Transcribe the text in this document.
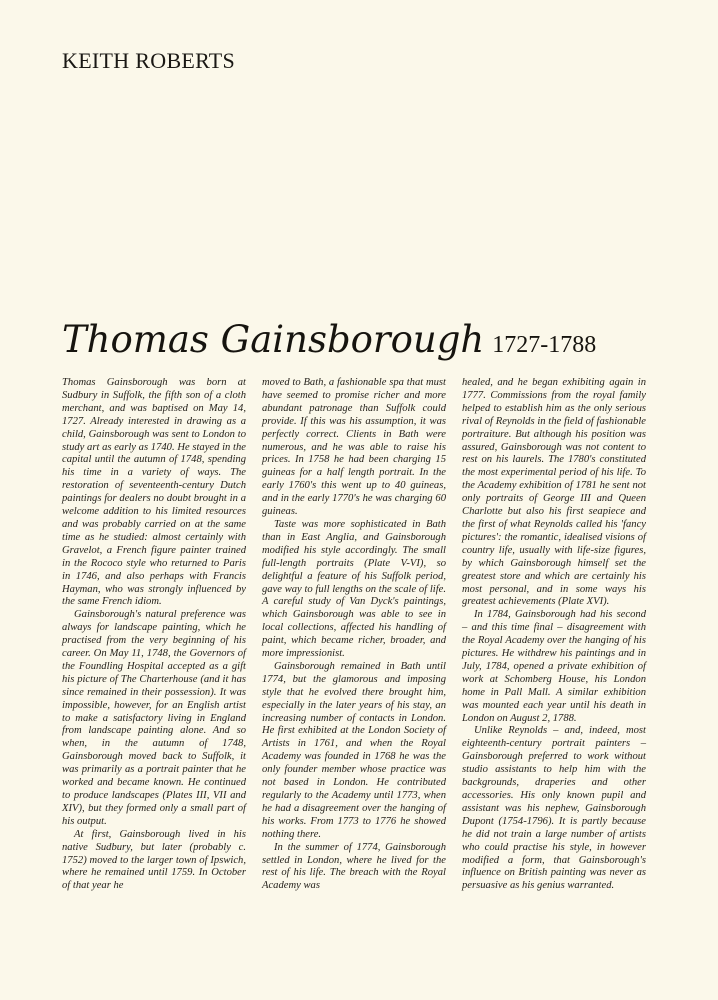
KEITH ROBERTS
Thomas Gainsborough 1727-1788

Thomas Gainsborough was born at Sudbury in Suffolk, the fifth son of a cloth merchant, and was baptised on May 14, 1727. Already interested in drawing as a child, Gainsborough was sent to London to study art as early as 1740. He stayed in the capital until the autumn of 1748, spending his time in a variety of ways. The restoration of seventeenth-century Dutch paintings for dealers no doubt brought in a welcome addition to his limited resources and was probably carried on at the same time as he studied: almost certainly with Gravelot, a French figure painter trained in the Rococo style who returned to Paris in 1746, and also perhaps with Francis Hayman, who was strongly influenced by the same French idiom.

Gainsborough's natural preference was always for landscape painting, which he practised from the very beginning of his career. On May 11, 1748, the Governors of the Foundling Hospital accepted as a gift his picture of The Charterhouse (and it has since remained in their possession). It was impossible, however, for an English artist to make a satisfactory living in England from landscape painting alone. And so when, in the autumn of 1748, Gainsborough moved back to Suffolk, it was primarily as a portrait painter that he worked and became known. He continued to produce landscapes (Plates III, VII and XIV), but they formed only a small part of his output.

At first, Gainsborough lived in his native Sudbury, but later (probably c. 1752) moved to the larger town of Ipswich, where he remained until 1759. In October of that year he

moved to Bath, a fashionable spa that must have seemed to promise richer and more abundant patronage than Suffolk could provide. If this was his assumption, it was perfectly correct. Clients in Bath were numerous, and he was able to raise his prices. In 1758 he had been charging 15 guineas for a half length portrait. In the early 1760's this went up to 40 guineas, and in the early 1770's he was charging 60 guineas.

Taste was more sophisticated in Bath than in East Anglia, and Gainsborough modified his style accordingly. The small full-length portraits (Plate V-VI), so delightful a feature of his Suffolk period, gave way to full lengths on the scale of life. A careful study of Van Dyck's paintings, which Gainsborough was able to see in local collections, affected his handling of paint, which became richer, broader, and more impressionist.

Gainsborough remained in Bath until 1774, but the glamorous and imposing style that he evolved there brought him, especially in the later years of his stay, an increasing number of contacts in London. He first exhibited at the London Society of Artists in 1761, and when the Royal Academy was founded in 1768 he was the only founder member whose practice was not based in London. He contributed regularly to the Academy until 1773, when he had a disagreement over the hanging of his works. From 1773 to 1776 he showed nothing there.

In the summer of 1774, Gainsborough settled in London, where he lived for the rest of his life. The breach with the Royal Academy was

healed, and he began exhibiting again in 1777. Commissions from the royal family helped to establish him as the only serious rival of Reynolds in the field of fashionable portraiture. But although his position was assured, Gainsborough was not content to rest on his laurels. The 1780's constituted the most experimental period of his life. To the Academy exhibition of 1781 he sent not only portraits of George III and Queen Charlotte but also his first seapiece and the first of what Reynolds called his 'fancy pictures': the romantic, idealised visions of country life, usually with life-size figures, by which Gainsborough himself set the greatest store and which are certainly his most personal, and in some ways his greatest achievements (Plate XVI).

In 1784, Gainsborough had his second – and this time final – disagreement with the Royal Academy over the hanging of his pictures. He withdrew his paintings and in July, 1784, opened a private exhibition of work at Schomberg House, his London home in Pall Mall. A similar exhibition was mounted each year until his death in London on August 2, 1788.

Unlike Reynolds – and, indeed, most eighteenth-century portrait painters – Gainsborough preferred to work without studio assistants to help him with the backgrounds, draperies and other accessories. His only known pupil and assistant was his nephew, Gainsborough Dupont (1754-1796). It is partly because he did not train a large number of artists who could practise his style, in however modified a form, that Gainsborough's influence on British painting was never as persuasive as his genius warranted.
